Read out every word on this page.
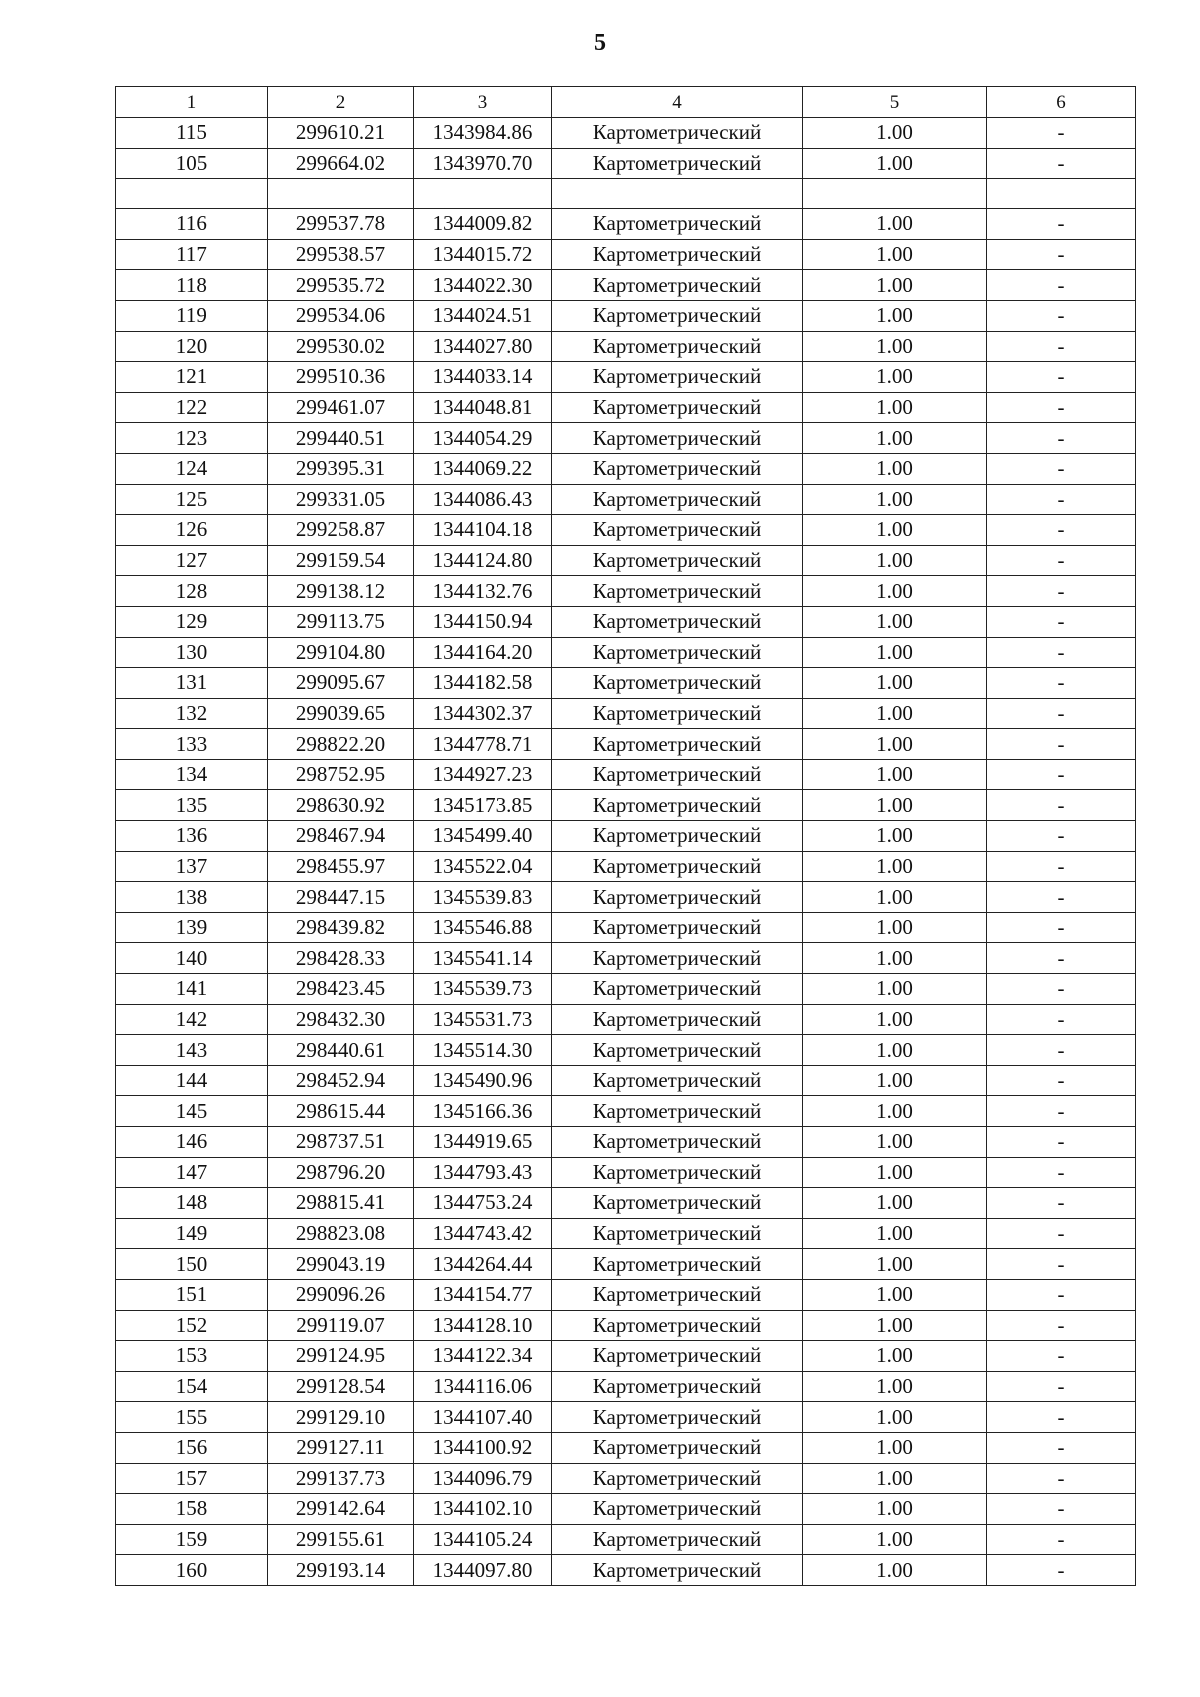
5
1	2	3	4	5	6
115	299610.21	1343984.86	Картометрический	1.00	-
105	299664.02	1343970.70	Картометрический	1.00	-

116	299537.78	1344009.82	Картометрический	1.00	-
117	299538.57	1344015.72	Картометрический	1.00	-
118	299535.72	1344022.30	Картометрический	1.00	-
119	299534.06	1344024.51	Картометрический	1.00	-
120	299530.02	1344027.80	Картометрический	1.00	-
121	299510.36	1344033.14	Картометрический	1.00	-
122	299461.07	1344048.81	Картометрический	1.00	-
123	299440.51	1344054.29	Картометрический	1.00	-
124	299395.31	1344069.22	Картометрический	1.00	-
125	299331.05	1344086.43	Картометрический	1.00	-
126	299258.87	1344104.18	Картометрический	1.00	-
127	299159.54	1344124.80	Картометрический	1.00	-
128	299138.12	1344132.76	Картометрический	1.00	-
129	299113.75	1344150.94	Картометрический	1.00	-
130	299104.80	1344164.20	Картометрический	1.00	-
131	299095.67	1344182.58	Картометрический	1.00	-
132	299039.65	1344302.37	Картометрический	1.00	-
133	298822.20	1344778.71	Картометрический	1.00	-
134	298752.95	1344927.23	Картометрический	1.00	-
135	298630.92	1345173.85	Картометрический	1.00	-
136	298467.94	1345499.40	Картометрический	1.00	-
137	298455.97	1345522.04	Картометрический	1.00	-
138	298447.15	1345539.83	Картометрический	1.00	-
139	298439.82	1345546.88	Картометрический	1.00	-
140	298428.33	1345541.14	Картометрический	1.00	-
141	298423.45	1345539.73	Картометрический	1.00	-
142	298432.30	1345531.73	Картометрический	1.00	-
143	298440.61	1345514.30	Картометрический	1.00	-
144	298452.94	1345490.96	Картометрический	1.00	-
145	298615.44	1345166.36	Картометрический	1.00	-
146	298737.51	1344919.65	Картометрический	1.00	-
147	298796.20	1344793.43	Картометрический	1.00	-
148	298815.41	1344753.24	Картометрический	1.00	-
149	298823.08	1344743.42	Картометрический	1.00	-
150	299043.19	1344264.44	Картометрический	1.00	-
151	299096.26	1344154.77	Картометрический	1.00	-
152	299119.07	1344128.10	Картометрический	1.00	-
153	299124.95	1344122.34	Картометрический	1.00	-
154	299128.54	1344116.06	Картометрический	1.00	-
155	299129.10	1344107.40	Картометрический	1.00	-
156	299127.11	1344100.92	Картометрический	1.00	-
157	299137.73	1344096.79	Картометрический	1.00	-
158	299142.64	1344102.10	Картометрический	1.00	-
159	299155.61	1344105.24	Картометрический	1.00	-
160	299193.14	1344097.80	Картометрический	1.00	-
